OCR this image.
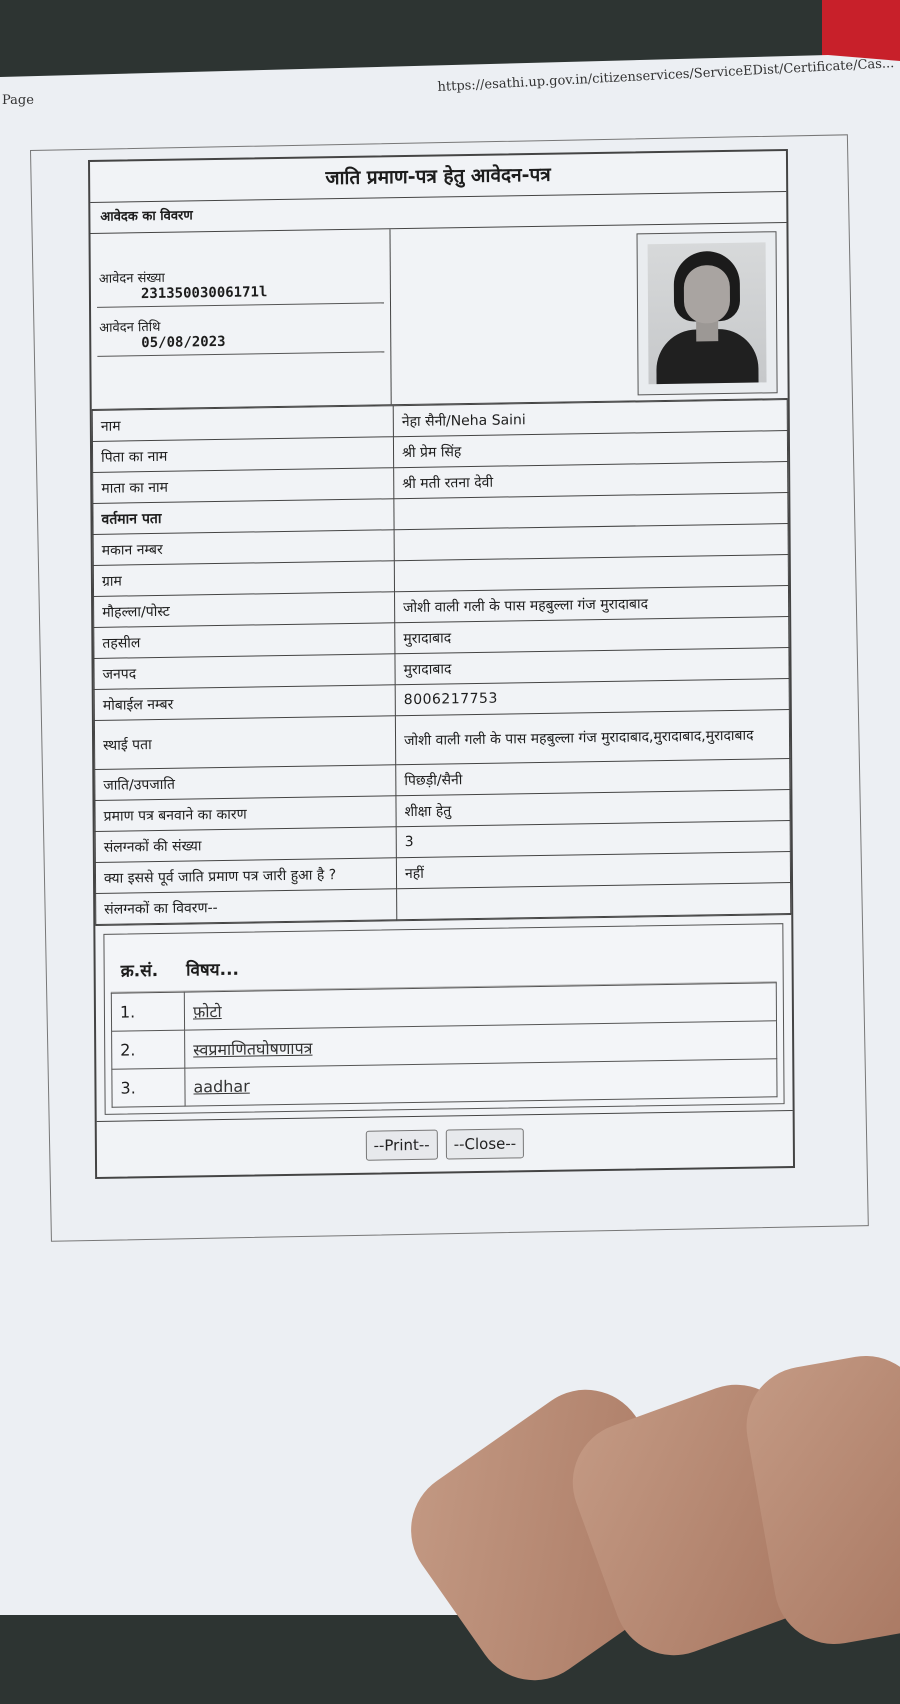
Page
https://esathi.up.gov.in/citizenservices/ServiceEDist/Certificate/Cas...
जाति प्रमाण-पत्र हेतु आवेदन-पत्र
आवेदक का विवरण
आवेदन संख्या
23135003006171l
आवेदन तिथि
05/08/2023
नाम	नेहा सैनी/Neha Saini
पिता का नाम	श्री प्रेम सिंह
माता का नाम	श्री मती रतना देवी
वर्तमान पता	
मकान नम्बर	
ग्राम	
मौहल्ला/पोस्ट	जोशी वाली गली के पास महबुल्ला गंज मुरादाबाद
तहसील	मुरादाबाद
जनपद	मुरादाबाद
मोबाईल नम्बर	8006217753
स्थाई पता	जोशी वाली गली के पास महबुल्ला गंज मुरादाबाद,मुरादाबाद,मुरादाबाद
जाति/उपजाति	पिछड़ी/सैनी
प्रमाण पत्र बनवाने का कारण	शीक्षा हेतु
संलग्नकों की संख्या	3
क्या इससे पूर्व जाति प्रमाण पत्र जारी हुआ है ?	नहीं
संलग्नकों का विवरण--	
क्र.सं. विषय...
1.	फ़ोटो
2.	स्वप्रमाणितघोषणापत्र
3.	aadhar
--Print--	--Close--
